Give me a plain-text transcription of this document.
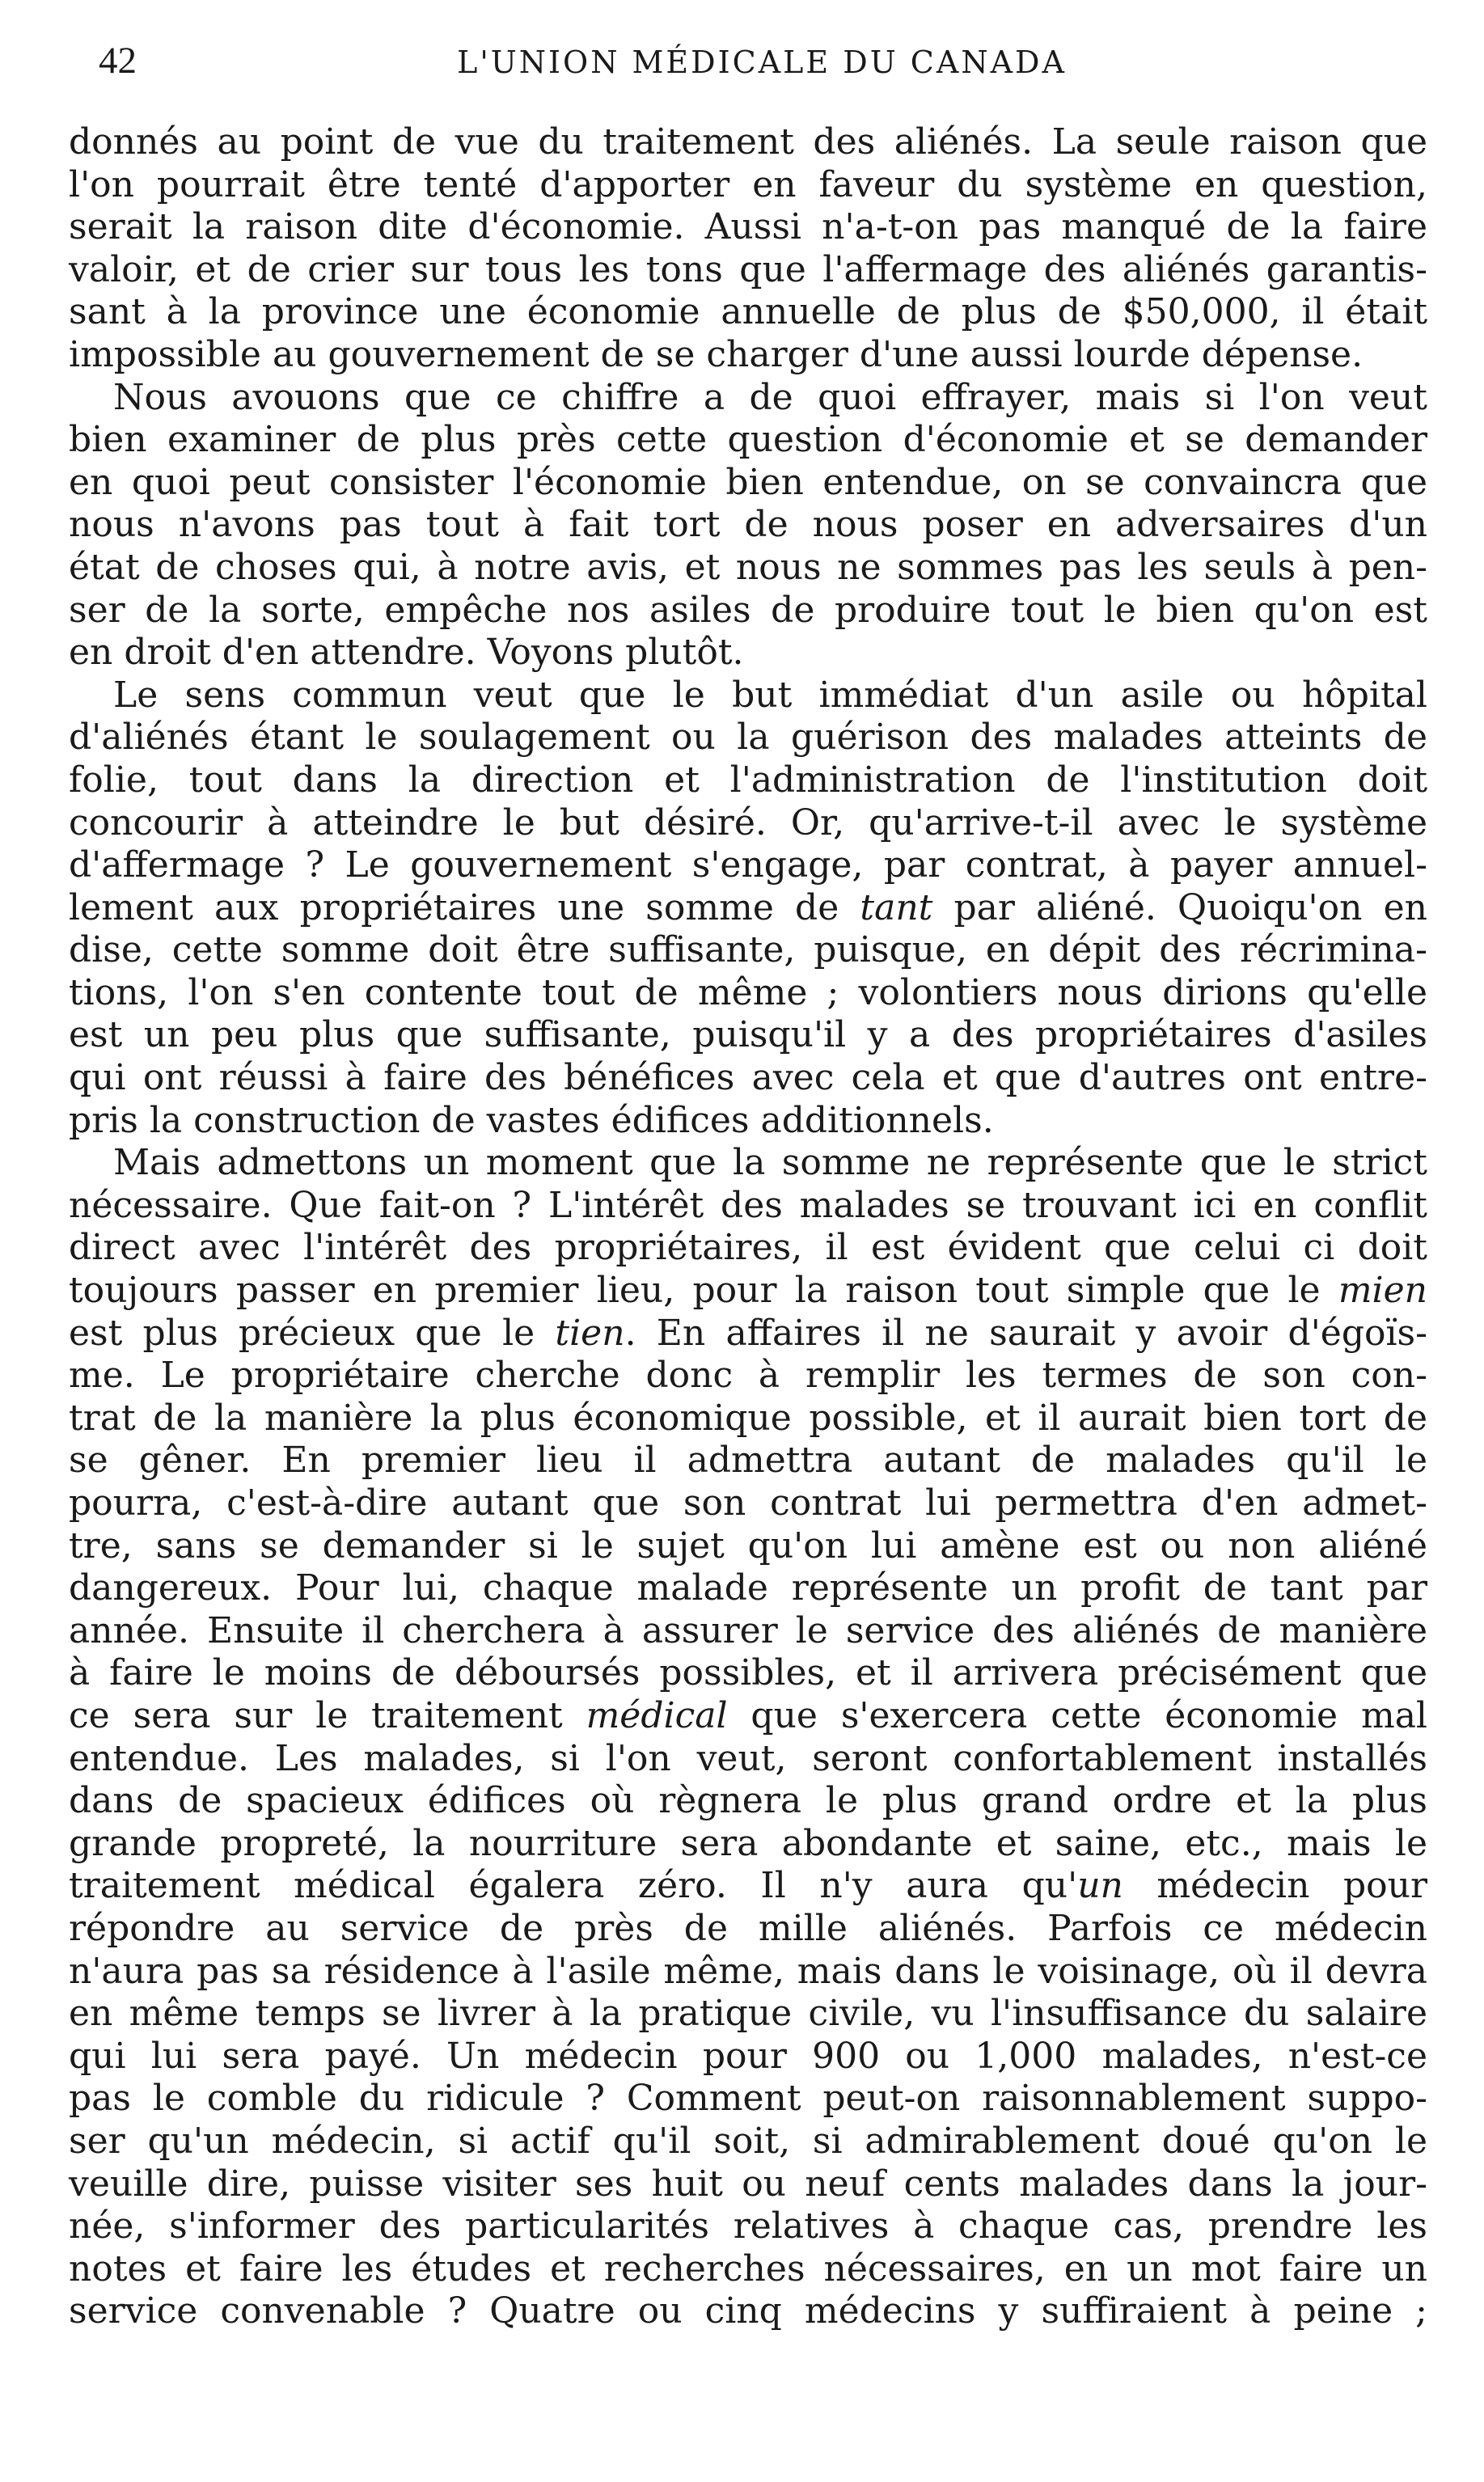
42	L'UNION MÉDICALE DU CANADA
donnés au point de vue du traitement des aliénés. La seule raison que
l'on pourrait être tenté d'apporter en faveur du système en question,
serait la raison dite d'économie. Aussi n'a-t-on pas manqué de la faire
valoir, et de crier sur tous les tons que l'affermage des aliénés garantis-
sant à la province une économie annuelle de plus de $50,000, il était
impossible au gouvernement de se charger d'une aussi lourde dépense.
Nous avouons que ce chiffre a de quoi effrayer, mais si l'on veut
bien examiner de plus près cette question d'économie et se demander
en quoi peut consister l'économie bien entendue, on se convaincra que
nous n'avons pas tout à fait tort de nous poser en adversaires d'un
état de choses qui, à notre avis, et nous ne sommes pas les seuls à pen-
ser de la sorte, empêche nos asiles de produire tout le bien qu'on est
en droit d'en attendre. Voyons plutôt.
Le sens commun veut que le but immédiat d'un asile ou hôpital
d'aliénés étant le soulagement ou la guérison des malades atteints de
folie, tout dans la direction et l'administration de l'institution doit
concourir à atteindre le but désiré. Or, qu'arrive-t-il avec le système
d'affermage ? Le gouvernement s'engage, par contrat, à payer annuel-
lement aux propriétaires une somme de tant par aliéné. Quoiqu'on en
dise, cette somme doit être suffisante, puisque, en dépit des récrimina-
tions, l'on s'en contente tout de même ; volontiers nous dirions qu'elle
est un peu plus que suffisante, puisqu'il y a des propriétaires d'asiles
qui ont réussi à faire des bénéfices avec cela et que d'autres ont entre-
pris la construction de vastes édifices additionnels.
Mais admettons un moment que la somme ne représente que le strict
nécessaire. Que fait-on ? L'intérêt des malades se trouvant ici en conflit
direct avec l'intérêt des propriétaires, il est évident que celui ci doit
toujours passer en premier lieu, pour la raison tout simple que le mien
est plus précieux que le tien. En affaires il ne saurait y avoir d'égoïs-
me. Le propriétaire cherche donc à remplir les termes de son con-
trat de la manière la plus économique possible, et il aurait bien tort de
se gêner. En premier lieu il admettra autant de malades qu'il le
pourra, c'est-à-dire autant que son contrat lui permettra d'en admet-
tre, sans se demander si le sujet qu'on lui amène est ou non aliéné
dangereux. Pour lui, chaque malade représente un profit de tant par
année. Ensuite il cherchera à assurer le service des aliénés de manière
à faire le moins de déboursés possibles, et il arrivera précisément que
ce sera sur le traitement médical que s'exercera cette économie mal
entendue. Les malades, si l'on veut, seront confortablement installés
dans de spacieux édifices où règnera le plus grand ordre et la plus
grande propreté, la nourriture sera abondante et saine, etc., mais le
traitement médical égalera zéro. Il n'y aura qu'un médecin pour
répondre au service de près de mille aliénés. Parfois ce médecin
n'aura pas sa résidence à l'asile même, mais dans le voisinage, où il devra
en même temps se livrer à la pratique civile, vu l'insuffisance du salaire
qui lui sera payé. Un médecin pour 900 ou 1,000 malades, n'est-ce
pas le comble du ridicule ? Comment peut-on raisonnablement suppo-
ser qu'un médecin, si actif qu'il soit, si admirablement doué qu'on le
veuille dire, puisse visiter ses huit ou neuf cents malades dans la jour-
née, s'informer des particularités relatives à chaque cas, prendre les
notes et faire les études et recherches nécessaires, en un mot faire un
service convenable ? Quatre ou cinq médecins y suffiraient à peine ;
